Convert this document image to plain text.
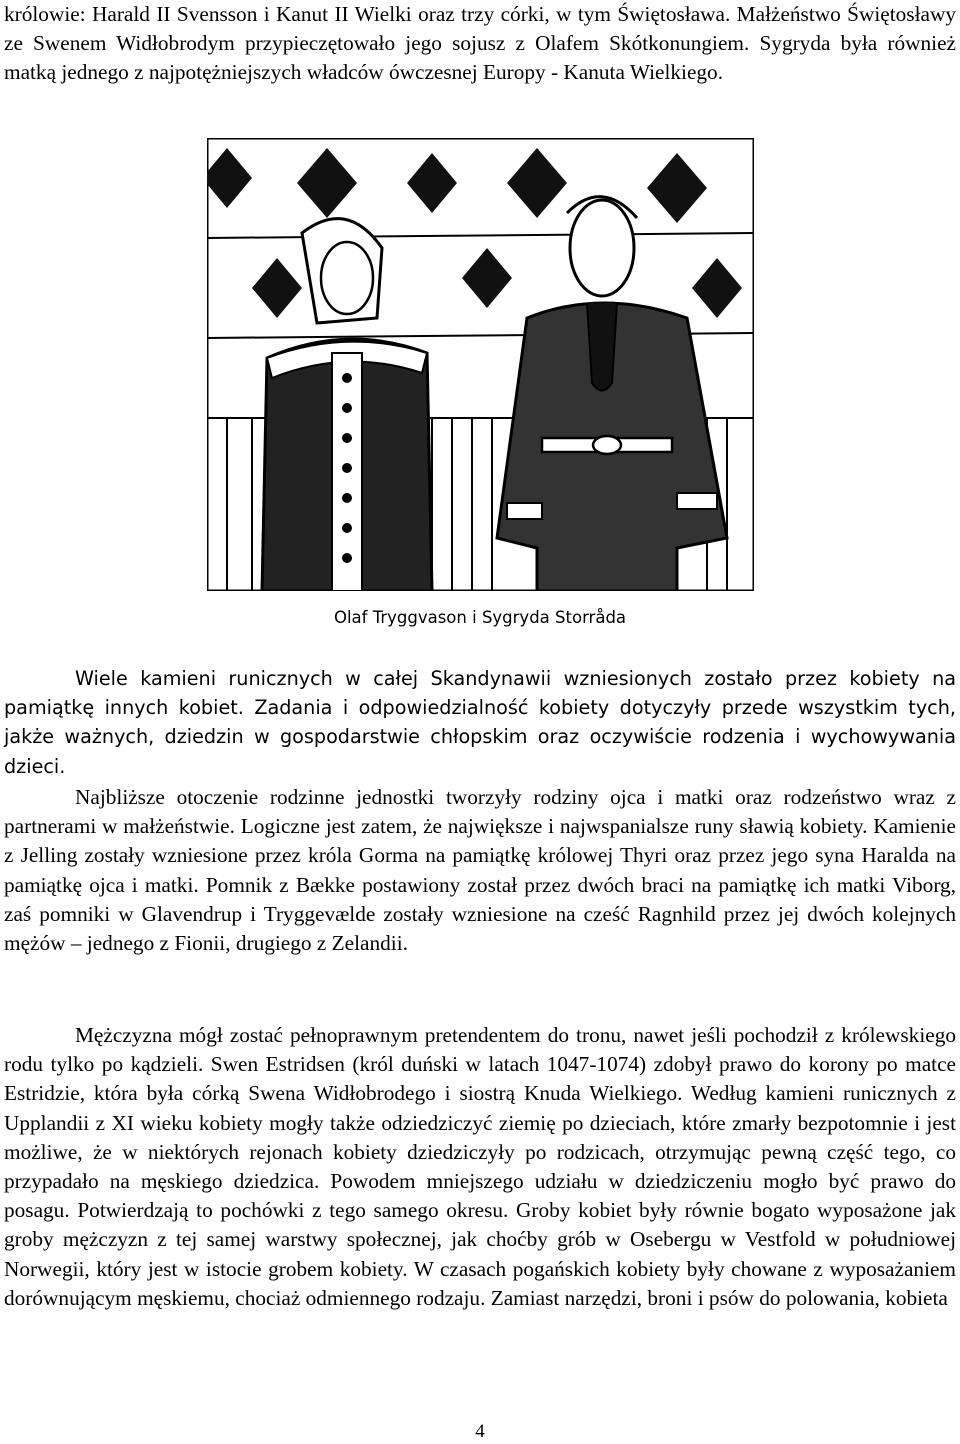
królowie: Harald II Svensson i Kanut II Wielki oraz trzy córki, w tym Świętosława. Małżeństwo Świętosławy ze Swenem Widłobrodym przypieczętowało jego sojusz z Olafem Skótkonungiem. Sygryda była również matką jednego z najpotężniejszych władców ówczesnej Europy - Kanuta Wielkiego.

Olaf Tryggvason i Sygryda Storråda

Wiele kamieni runicznych w całej Skandynawii wzniesionych zostało przez kobiety na pamiątkę innych kobiet. Zadania i odpowiedzialność kobiety dotyczyły przede wszystkim tych, jakże ważnych, dziedzin w gospodarstwie chłopskim oraz oczywiście rodzenia i wychowywania dzieci.

Najbliższe otoczenie rodzinne jednostki tworzyły rodziny ojca i matki oraz rodzeństwo wraz z partnerami w małżeństwie. Logiczne jest zatem, że największe i najwspanialsze runy sławią kobiety. Kamienie z Jelling zostały wzniesione przez króla Gorma na pamiątkę królowej Thyri oraz przez jego syna Haralda na pamiątkę ojca i matki. Pomnik z Bække postawiony został przez dwóch braci na pamiątkę ich matki Viborg, zaś pomniki w Glavendrup i Tryggevælde zostały wzniesione na cześć Ragnhild przez jej dwóch kolejnych mężów – jednego z Fionii, drugiego z Zelandii.

Mężczyzna mógł zostać pełnoprawnym pretendentem do tronu, nawet jeśli pochodził z królewskiego rodu tylko po kądzieli. Swen Estridsen (król duński w latach 1047-1074) zdobył prawo do korony po matce Estridzie, która była córką Swena Widłobrodego i siostrą Knuda Wielkiego. Według kamieni runicznych z Upplandii z XI wieku kobiety mogły także odziedziczyć ziemię po dzieciach, które zmarły bezpotomnie i jest możliwe, że w niektórych rejonach kobiety dziedziczyły po rodzicach, otrzymując pewną część tego, co przypadało na męskiego dziedzica. Powodem mniejszego udziału w dziedziczeniu mogło być prawo do posagu. Potwierdzają to pochówki z tego samego okresu. Groby kobiet były równie bogato wyposażone jak groby mężczyzn z tej samej warstwy społecznej, jak choćby grób w Osebergu w Vestfold w południowej Norwegii, który jest w istocie grobem kobiety. W czasach pogańskich kobiety były chowane z wyposażaniem dorównującym męskiemu, chociaż odmiennego rodzaju. Zamiast narzędzi, broni i psów do polowania, kobieta

4
